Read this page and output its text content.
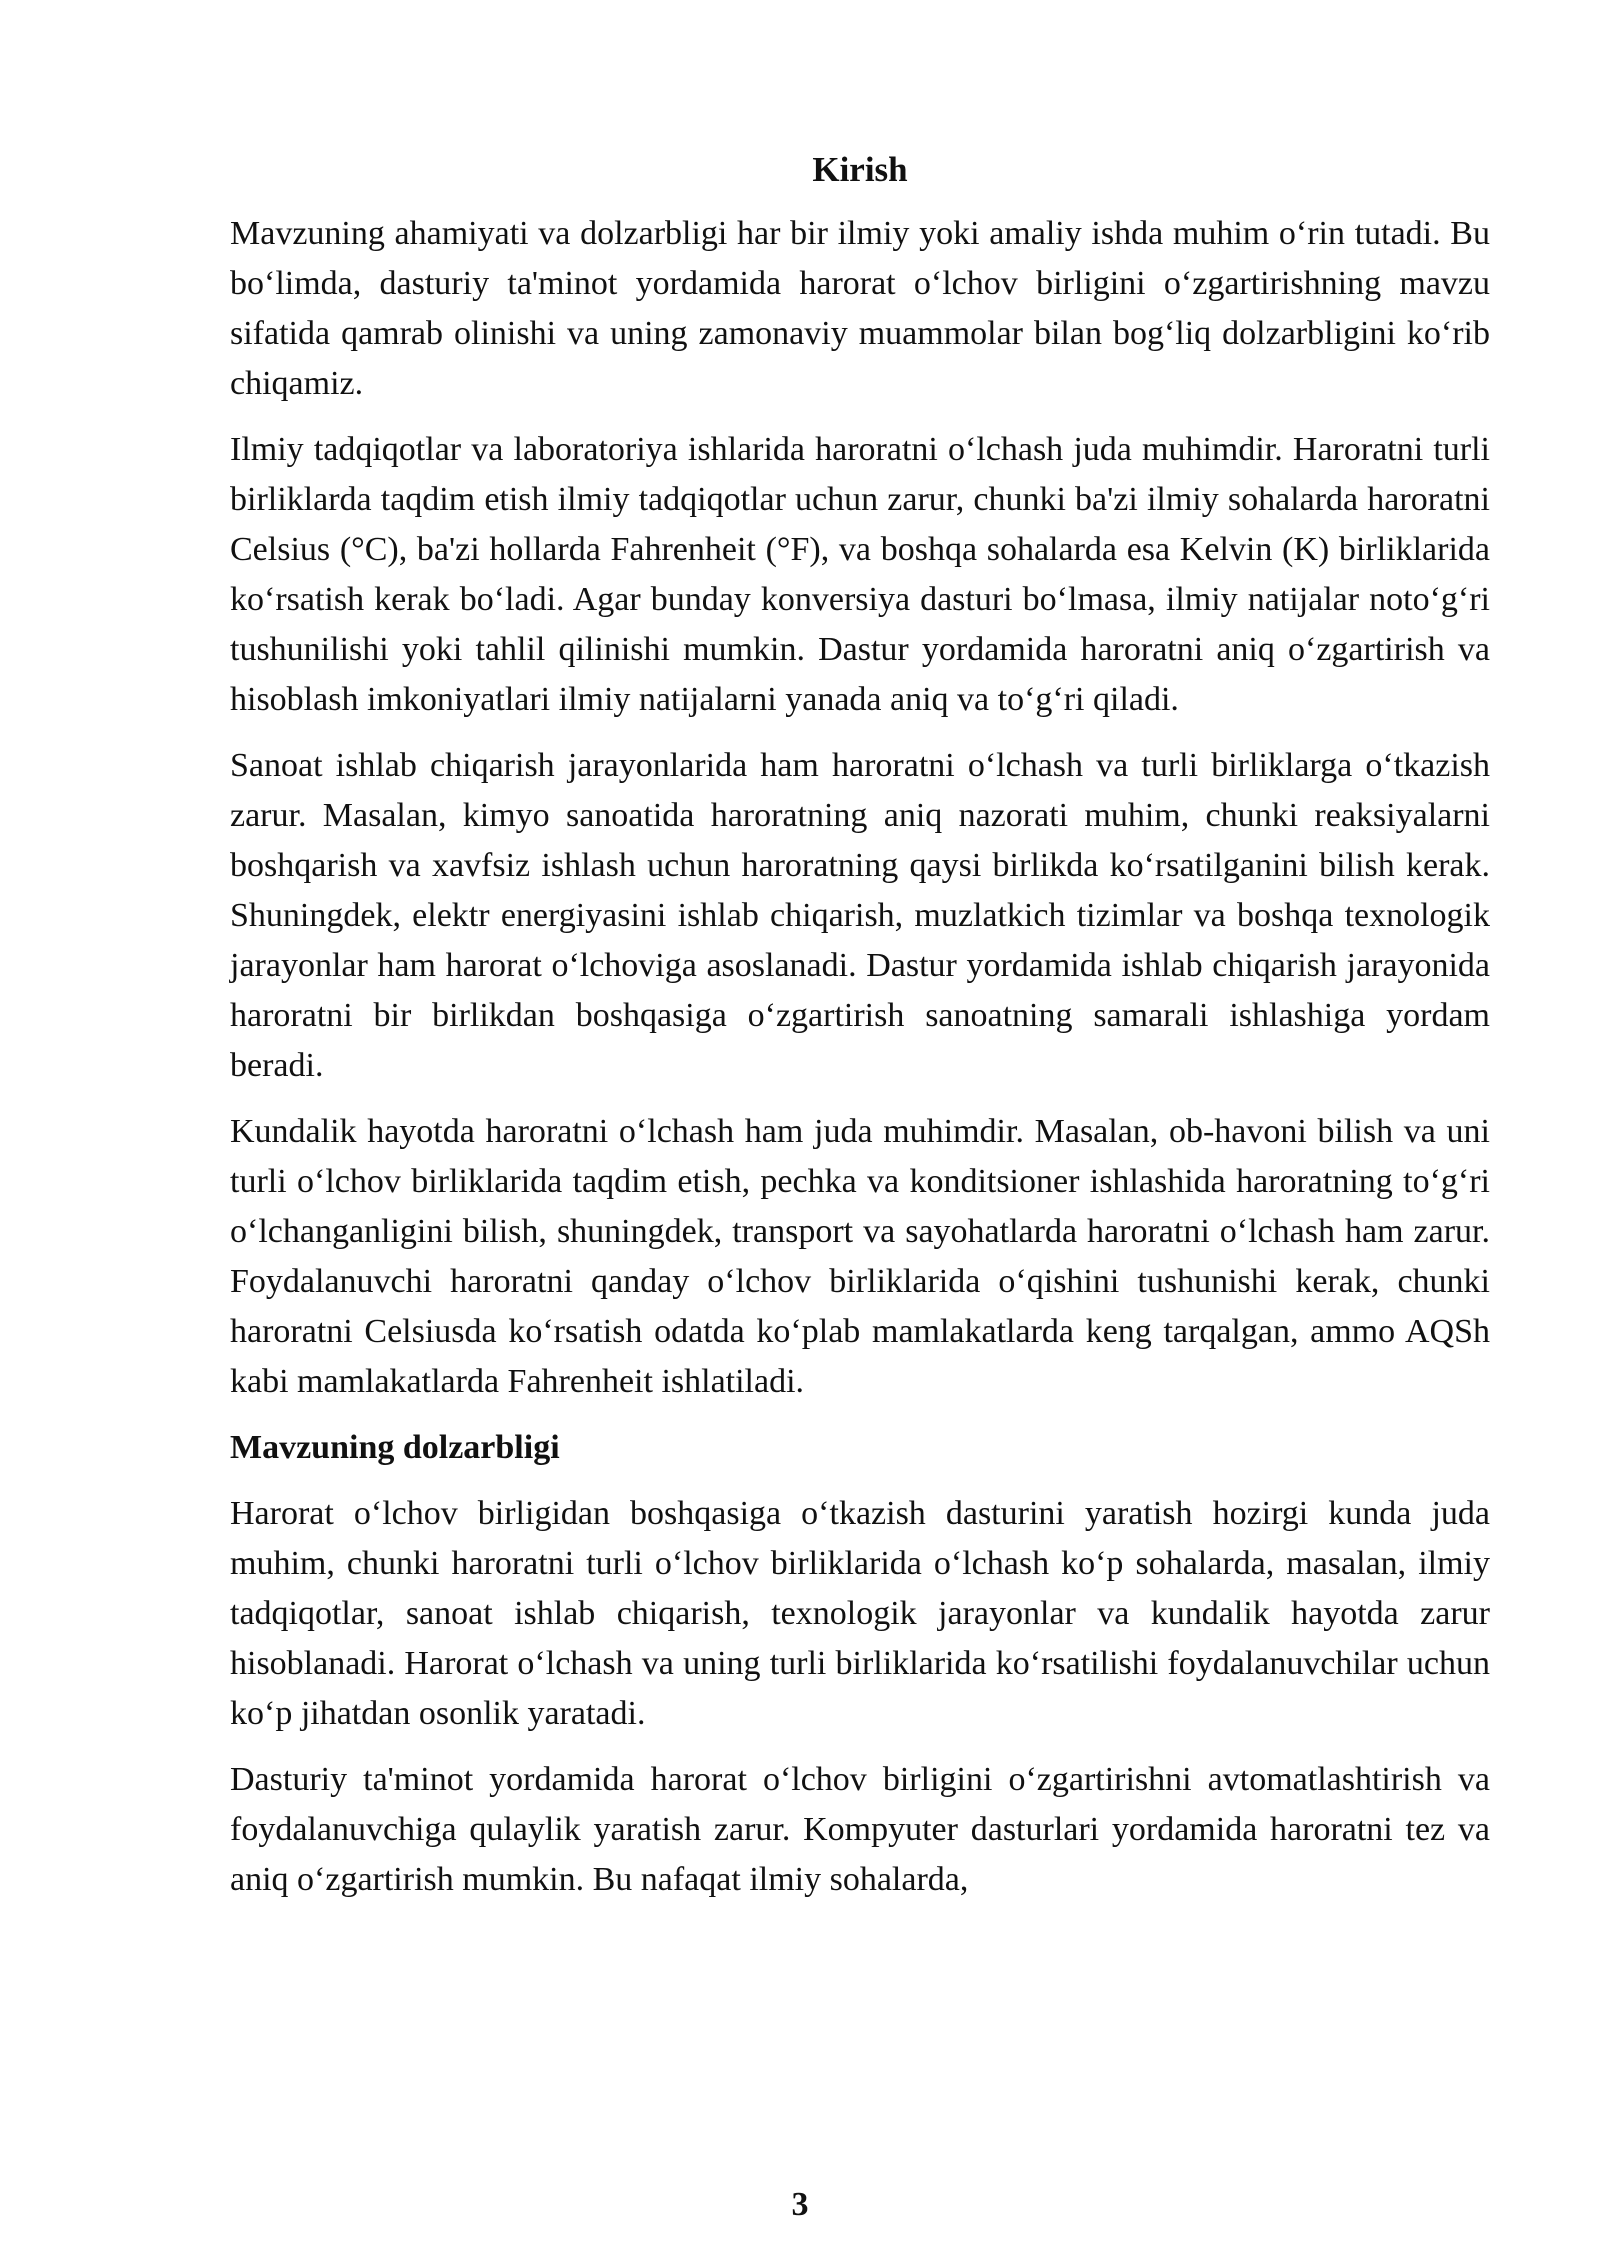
Kirish

Mavzuning ahamiyati va dolzarbligi har bir ilmiy yoki amaliy ishda muhim oʻrin tutadi. Bu boʻlimda, dasturiy ta'minot yordamida harorat oʻlchov birligini oʻzgartirishning mavzu sifatida qamrab olinishi va uning zamonaviy muammolar bilan bogʻliq dolzarbligini koʻrib chiqamiz.

Ilmiy tadqiqotlar va laboratoriya ishlarida haroratni oʻlchash juda muhimdir. Haroratni turli birliklarda taqdim etish ilmiy tadqiqotlar uchun zarur, chunki ba'zi ilmiy sohalarda haroratni Celsius (°C), ba'zi hollarda Fahrenheit (°F), va boshqa sohalarda esa Kelvin (K) birliklarida koʻrsatish kerak boʻladi. Agar bunday konversiya dasturi boʻlmasa, ilmiy natijalar notoʻgʻri tushunilishi yoki tahlil qilinishi mumkin. Dastur yordamida haroratni aniq oʻzgartirish va hisoblash imkoniyatlari ilmiy natijalarni yanada aniq va toʻgʻri qiladi.

Sanoat ishlab chiqarish jarayonlarida ham haroratni oʻlchash va turli birliklarga oʻtkazish zarur. Masalan, kimyo sanoatida haroratning aniq nazorati muhim, chunki reaksiyalarni boshqarish va xavfsiz ishlash uchun haroratning qaysi birlikda koʻrsatilganini bilish kerak. Shuningdek, elektr energiyasini ishlab chiqarish, muzlatkich tizimlar va boshqa texnologik jarayonlar ham harorat oʻlchoviga asoslanadi. Dastur yordamida ishlab chiqarish jarayonida haroratni bir birlikdan boshqasiga oʻzgartirish sanoatning samarali ishlashiga yordam beradi.

Kundalik hayotda haroratni oʻlchash ham juda muhimdir. Masalan, ob-havoni bilish va uni turli oʻlchov birliklarida taqdim etish, pechka va konditsioner ishlashida haroratning toʻgʻri oʻlchanganligini bilish, shuningdek, transport va sayohatlarda haroratni oʻlchash ham zarur. Foydalanuvchi haroratni qanday oʻlchov birliklarida oʻqishini tushunishi kerak, chunki haroratni Celsiusda koʻrsatish odatda koʻplab mamlakatlarda keng tarqalgan, ammo AQSh kabi mamlakatlarda Fahrenheit ishlatiladi.

Mavzuning dolzarbligi

Harorat oʻlchov birligidan boshqasiga oʻtkazish dasturini yaratish hozirgi kunda juda muhim, chunki haroratni turli oʻlchov birliklarida oʻlchash koʻp sohalarda, masalan, ilmiy tadqiqotlar, sanoat ishlab chiqarish, texnologik jarayonlar va kundalik hayotda zarur hisoblanadi. Harorat oʻlchash va uning turli birliklarida koʻrsatilishi foydalanuvchilar uchun koʻp jihatdan osonlik yaratadi.

Dasturiy ta'minot yordamida harorat oʻlchov birligini oʻzgartirishni avtomatlashtirish va foydalanuvchiga qulaylik yaratish zarur. Kompyuter dasturlari yordamida haroratni tez va aniq oʻzgartirish mumkin. Bu nafaqat ilmiy sohalarda,

3
